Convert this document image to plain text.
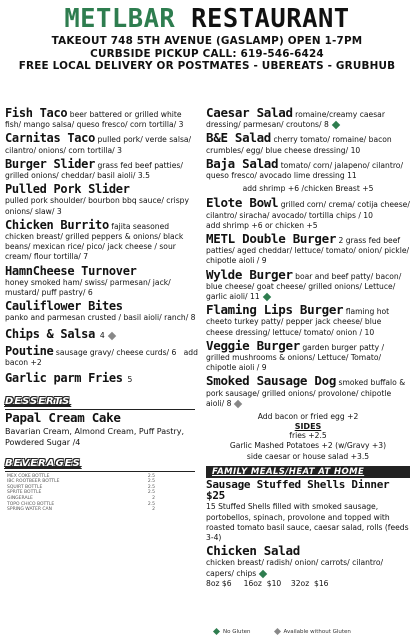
METLBAR RESTAURANT
TAKEOUT 748 5TH AVENUE (GASLAMP) OPEN 1-7PM
CURBSIDE PICKUP CALL: 619-546-6424
FREE LOCAL DELIVERY OR POSTMATES - UBEREATS - GRUBHUB
Fish Taco beer battered or grilled white fish/ mango salsa/ queso fresco/ corn tortilla/ 3
Carnitas Taco pulled pork/ verde salsa/ cilantro/ onions/ corn tortilla/ 3
Burger Slider grass fed beef patties/ grilled onions/ cheddar/ basil aioli/ 3.5
Pulled Pork Slider
pulled pork shoulder/ bourbon bbq sauce/ crispy onions/ slaw/ 3
Chicken Burrito fajita seasoned chicken breast/ grilled peppers & onions/ black beans/ mexican rice/ pico/ jack cheese / sour cream/ flour tortilla/ 7
HamnCheese Turnover
honey smoked ham/ swiss/ parmesan/ jack/ mustard/ puff pastry/ 6
Cauliflower Bites
panko and parmesan crusted / basil aioli/ ranch/ 8
Chips & Salsa 4
Poutine sausage gravy/ cheese curds/ 6 add bacon +2
Garlic parm Fries 5
DESSERTS
Papal Cream Cake
Bavarian Cream, Almond Cream, Puff Pastry, Powdered Sugar /4
BEVERAGES
MEX COKE BOTTLE	2.5
IBC ROOTBEER BOTTLE	2.5
SQUIRT BOTTLE	2.5
SPRITE BOTTLE	2.5
GINGERALE	2
TOPO CHICO BOTTLE	2.5
SPRING WATER CAN	2
Caesar Salad romaine/creamy caesar dressing/ parmesan/ croutons/ 8
B&E Salad cherry tomato/ romaine/ bacon crumbles/ egg/ blue cheese dressing/ 10
Baja Salad tomato/ corn/ jalapeno/ cilantro/ queso fresco/ avocado lime dressing 11
add shrimp +6 /chicken Breast +5
Elote Bowl grilled corn/ crema/ cotija cheese/ cilantro/ siracha/ avocado/ tortilla chips / 10
add shrimp +6 or chicken +5
METL Double Burger 2 grass fed beef patties/ aged cheddar/ lettuce/ tomato/ onion/ pickle/ chipotle aioli / 9
Wylde Burger boar and beef patty/ bacon/ blue cheese/ goat cheese/ grilled onions/ Lettuce/ garlic aioli/ 11
Flaming Lips Burger flaming hot cheeto turkey patty/ pepper jack cheese/ blue cheese dressing/ lettuce/ tomato/ onion / 10
Veggie Burger garden burger patty / grilled mushrooms & onions/ Lettuce/ Tomato/ chipotle aioli / 9
Smoked Sausage Dog smoked buffalo & pork sausage/ grilled onions/ provolone/ chipotle aioli/ 8
Add bacon or fried egg +2
SIDES
fries +2.5
Garlic Mashed Potatoes +2 (w/Gravy +3)
side caesar or house salad +3.5
FAMILY MEALS/HEAT AT HOME
Sausage Stuffed Shells Dinner $25
15 Stuffed Shells filled with smoked sausage, portobellos, spinach, provolone and topped with roasted tomato basil sauce, caesar salad, rolls (feeds 3-4)
Chicken Salad
chicken breast/ radish/ onion/ carrots/ cilantro/ capers/ chips
8oz $6     16oz  $10    32oz  $16
No Gluten	Available without Gluten
